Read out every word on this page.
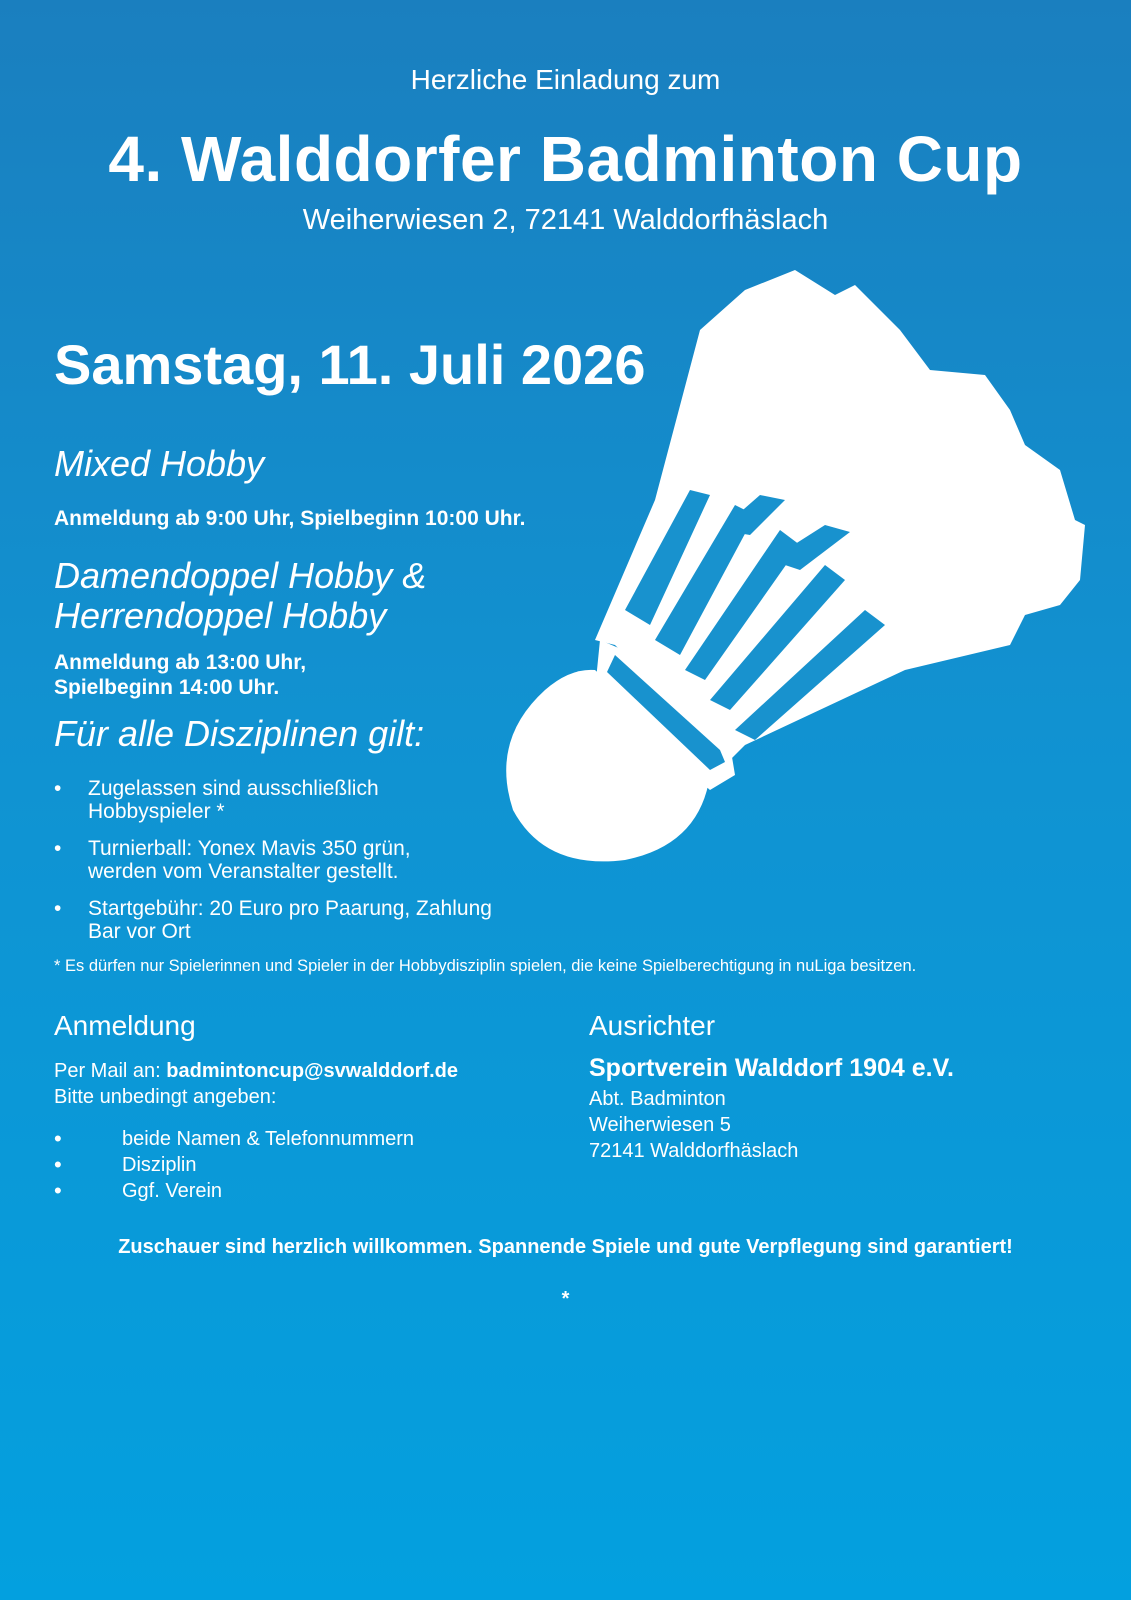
Herzliche Einladung zum
4. Walddorfer Badminton Cup
Weiherwiesen 2, 72141 Walddorfhäslach
Samstag, 11. Juli 2026
Mixed Hobby
Anmeldung ab 9:00 Uhr, Spielbeginn 10:00 Uhr.
Damendoppel Hobby &
Herrendoppel Hobby
Anmeldung ab 13:00 Uhr,
Spielbeginn 14:00 Uhr.
Für alle Disziplinen gilt:
•	Zugelassen sind ausschließlich
Hobbyspieler *
•	Turnierball: Yonex Mavis 350 grün,
werden vom Veranstalter gestellt.
•	Startgebühr: 20 Euro pro Paarung, Zahlung
Bar vor Ort
* Es dürfen nur Spielerinnen und Spieler in der Hobbydisziplin spielen, die keine Spielberechtigung in nuLiga besitzen.
Anmeldung
Per Mail an: badmintoncup@svwalddorf.de
Bitte unbedingt angeben:
•	beide Namen & Telefonnummern
•	Disziplin
•	Ggf. Verein
Ausrichter
Sportverein Walddorf 1904 e.V.
Abt. Badminton
Weiherwiesen 5
72141 Walddorfhäslach
Zuschauer sind herzlich willkommen. Spannende Spiele und gute Verpflegung sind garantiert!
*
